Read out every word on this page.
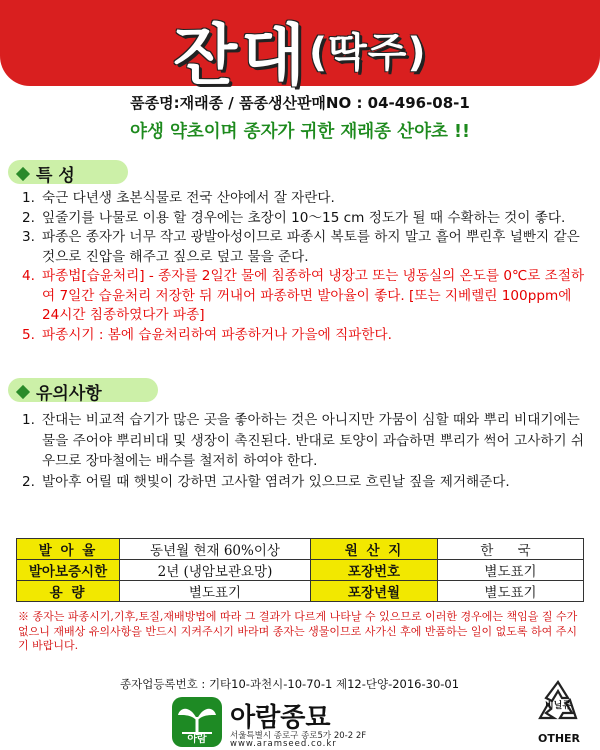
잔대(딱주)
품종명:재래종 / 품종생산판매NO : 04-496-08-1
야생 약초이며 종자가 귀한 재래종 산야초 !!
특 성
1. 숙근 다년생 초본식물로 전국 산야에서 잘 자란다.
2. 잎줄기를 나물로 이용 할 경우에는 초장이 10～15 cm 정도가 될 때 수확하는 것이 좋다.
3. 파종은 종자가 너무 작고 광발아성이므로 파종시 복토를 하지 말고 흘어 뿌린후 널빤지 같은 것으로 진압을 해주고 짚으로 덮고 물을 준다.
4. 파종법[습윤처리] - 종자를 2일간 물에 침종하여 냉장고 또는 냉동실의 온도를 0℃로 조절하여 7일간 습윤처리 저장한 뒤 꺼내어 파종하면 발아율이 좋다. [또는 지베렐린 100ppm에 24시간 침종하였다가 파종]
5. 파종시기 : 봄에 습윤처리하여 파종하거나 가을에 직파한다.
유의사항
1. 잔대는 비교적 습기가 많은 곳을 좋아하는 것은 아니지만 가뭄이 심할 때와 뿌리 비대기에는 물을 주어야 뿌리비대 및 생장이 촉진된다. 반대로 토양이 과습하면 뿌리가 썩어 고사하기 쉬우므로 장마철에는 배수를 철저히 하여야 한다.
2. 발아후 어릴 때 햇빛이 강하면 고사할 염려가 있으므로 흐린날 짚을 제거해준다.
발 아 율	동년월 현재 60%이상	원 산 지	한 국
발아보증시한	2년 (냉암보관요망)	포장번호	별도표기
용 량	별도표기	포장년월	별도표기
※ 종자는 파종시기,기후,토질,재배방법에 따라 그 결과가 다르게 나타날 수 있으므로 이러한 경우에는 책임을 질 수가 없으니 재배상 유의사항을 반드시 지켜주시기 바라며 종자는 생물이므로 사가신 후에 반품하는 일이 없도록 하여 주시기 바랍니다.
종자업등록번호 : 기타10-과천시-10-70-1 제12-단양-2016-30-01
아람
아람종묘
서울특별시 종로구 종로5가 20-2 2F
www.aramseed.co.kr
비닐류
OTHER
